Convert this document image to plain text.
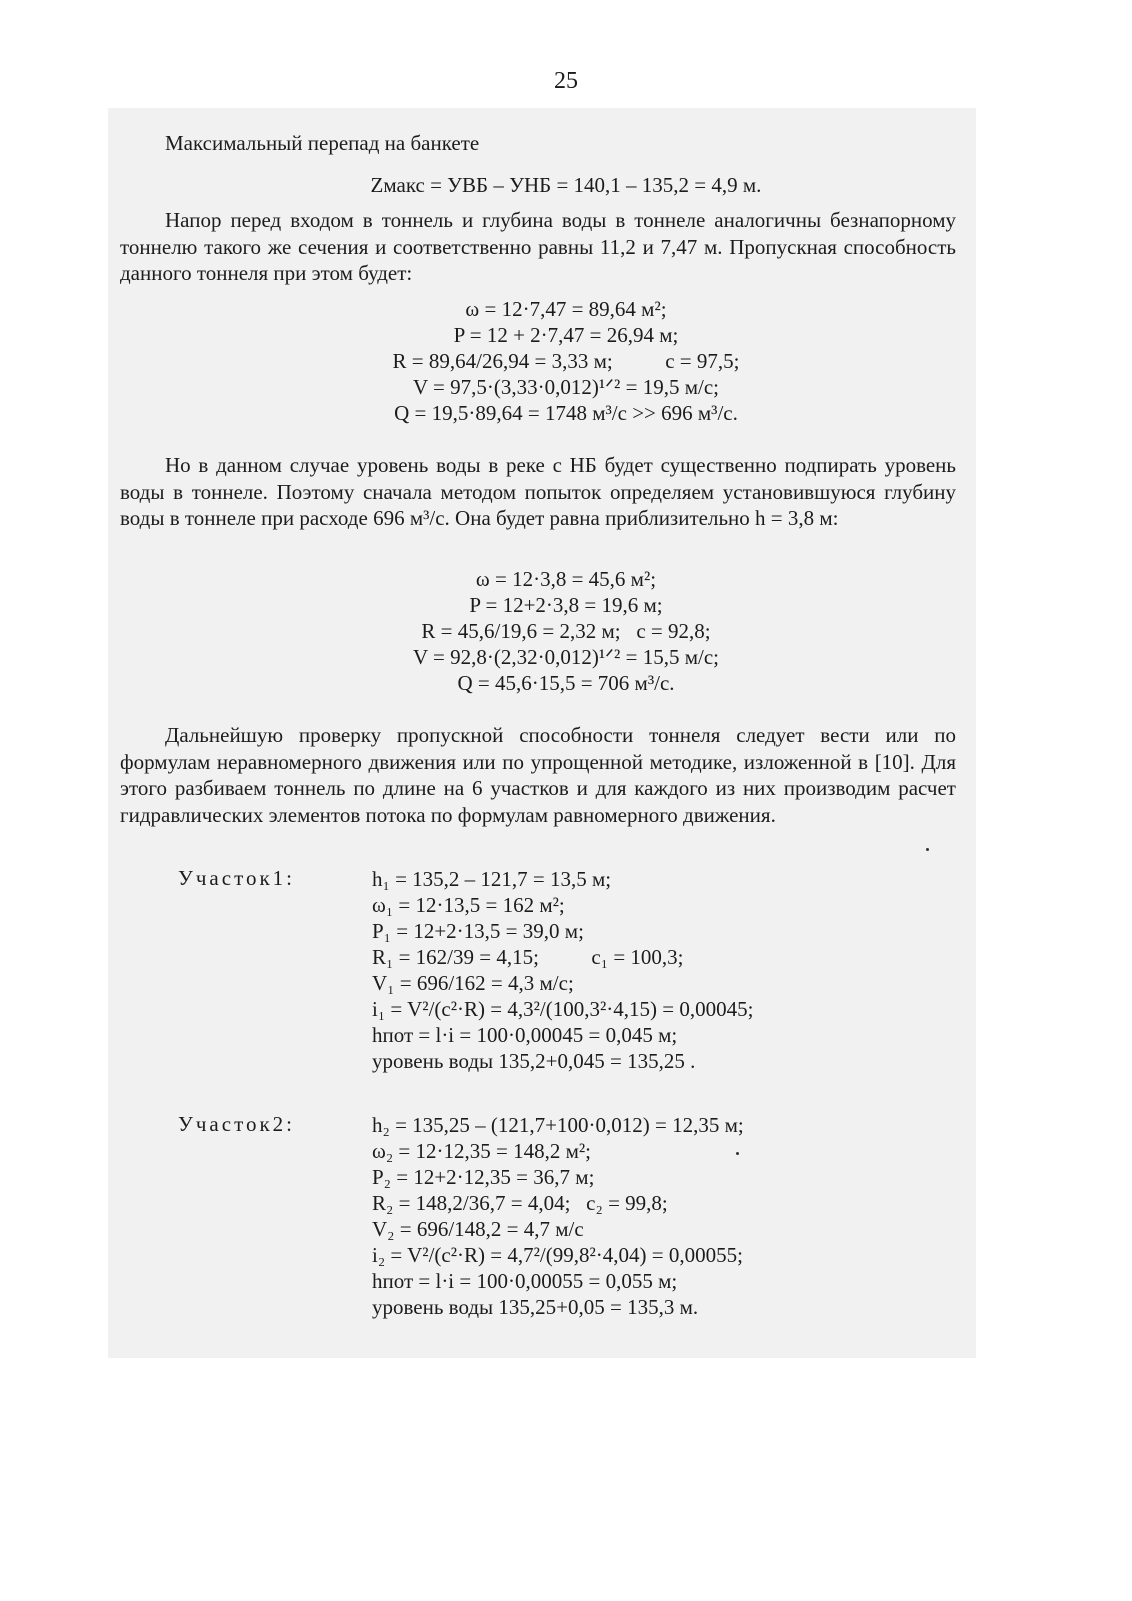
25
Максимальный перепад на банкете
Zмакс = УВБ – УНБ = 140,1 – 135,2 = 4,9 м.
Напор перед входом в тоннель и глубина воды в тоннеле аналогичны безнапорному тоннелю такого же сечения и соответственно равны 11,2 и 7,47 м. Пропускная способность данного тоннеля при этом будет:
ω = 12·7,47 = 89,64 м²;
P = 12 + 2·7,47 = 26,94 м;
R = 89,64/26,94 = 3,33 м;          c = 97,5;
V = 97,5·(3,33·0,012)¹ᐟ² = 19,5 м/с;
Q = 19,5·89,64 = 1748 м³/с >> 696 м³/с.
Но в данном случае уровень воды в реке с НБ будет существенно подпирать уровень воды в тоннеле. Поэтому сначала методом попыток определяем установившуюся глубину воды в тоннеле при расходе 696 м³/с. Она будет равна приблизительно h = 3,8 м:
ω = 12·3,8 = 45,6 м²;
P = 12+2·3,8 = 19,6 м;
R = 45,6/19,6 = 2,32 м;   c = 92,8;
V = 92,8·(2,32·0,012)¹ᐟ² = 15,5 м/с;
Q = 45,6·15,5 = 706 м³/с.
Дальнейшую проверку пропускной способности тоннеля следует вести или по формулам неравномерного движения или по упрощенной методике, изложенной в [10]. Для этого разбиваем тоннель по длине на 6 участков и для каждого из них производим расчет гидравлических элементов потока по формулам равномерного движения.
Участок1:	h₁ = 135,2 – 121,7 = 13,5 м;
ω₁ = 12·13,5 = 162 м²;
P₁ = 12+2·13,5 = 39,0 м;
R₁ = 162/39 = 4,15;          c₁ = 100,3;
V₁ = 696/162 = 4,3 м/с;
i₁ = V²/(c²·R) = 4,3²/(100,3²·4,15) = 0,00045;
hпот = l·i = 100·0,00045 = 0,045 м;
уровень воды 135,2+0,045 = 135,25 .
Участок2:	h₂ = 135,25 – (121,7+100·0,012) = 12,35 м;
ω₂ = 12·12,35 = 148,2 м²;
P₂ = 12+2·12,35 = 36,7 м;
R₂ = 148,2/36,7 = 4,04;   c₂ = 99,8;
V₂ = 696/148,2 = 4,7 м/с
i₂ = V²/(c²·R) = 4,7²/(99,8²·4,04) = 0,00055;
hпот = l·i = 100·0,00055 = 0,055 м;
уровень воды 135,25+0,05 = 135,3 м.
